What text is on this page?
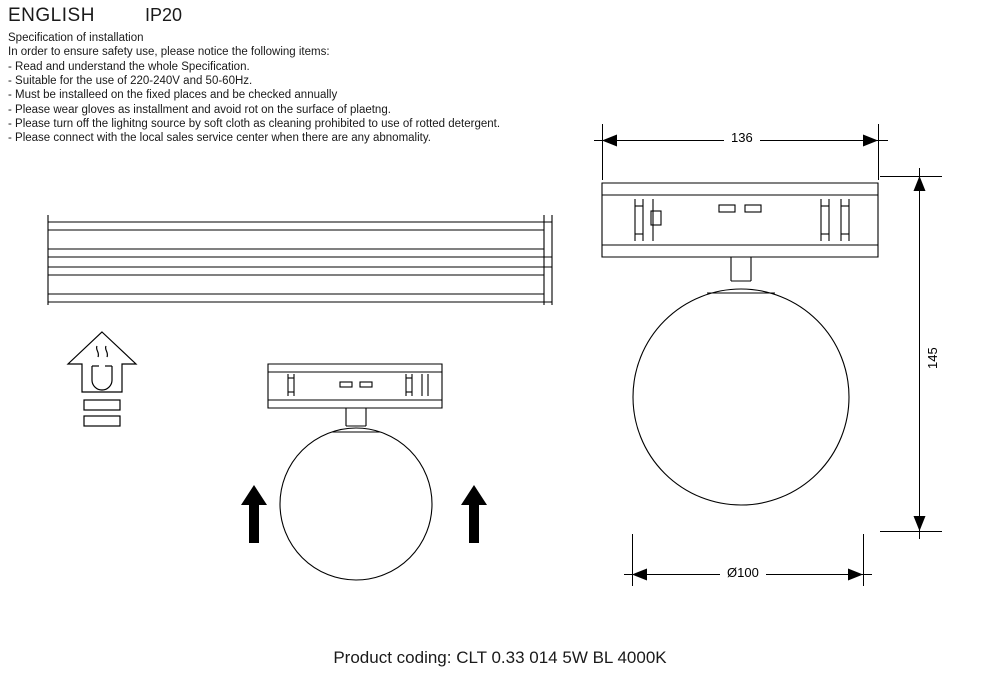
ENGLISH	IP20
Specification of installation
In order to ensure safety use, please notice the following items:
- Read and understand the whole Specification.
- Suitable for the use of 220-240V and 50-60Hz.
- Must be installeed on the fixed places and be checked annually
- Please wear gloves as installment and avoid rot on the surface of plaetng.
- Please turn off the lighitng source by soft cloth as cleaning prohibited to use of rotted detergent.
- Please connect with the local sales service center when there are any abnomality.	136
145
Ø100
Product coding: CLT 0.33 014 5W BL 4000K
